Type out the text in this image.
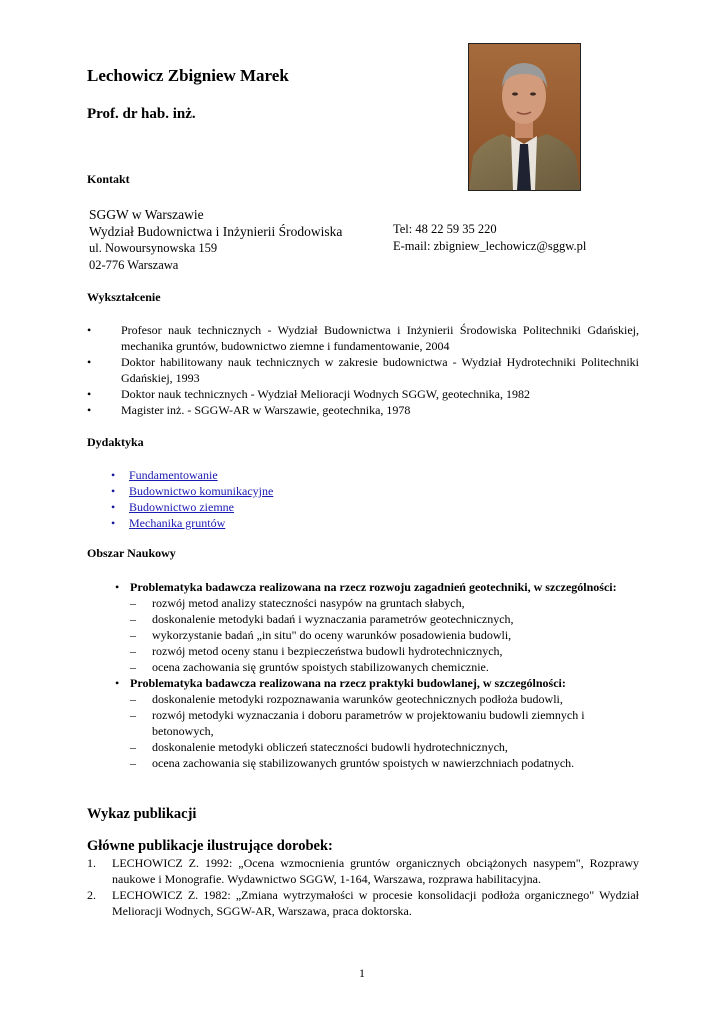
Lechowicz Zbigniew Marek
Prof. dr hab. inż.
Kontakt
SGGW w Warszawie
Wydział Budownictwa i Inżynierii Środowiska
ul. Nowoursynowska 159
02-776 Warszawa
Tel: 48 22 59 35 220
E-mail: zbigniew_lechowicz@sggw.pl
Wykształcenie
• Profesor nauk technicznych - Wydział Budownictwa i Inżynierii Środowiska Politechniki Gdańskiej, mechanika gruntów, budownictwo ziemne i fundamentowanie, 2004
• Doktor habilitowany nauk technicznych w zakresie budownictwa - Wydział Hydrotechniki Politechniki Gdańskiej, 1993
• Doktor nauk technicznych - Wydział Melioracji Wodnych SGGW, geotechnika, 1982
• Magister inż. - SGGW-AR w Warszawie, geotechnika, 1978
Dydaktyka
• Fundamentowanie
• Budownictwo komunikacyjne
• Budownictwo ziemne
• Mechanika gruntów
Obszar Naukowy
• Problematyka badawcza realizowana na rzecz rozwoju zagadnień geotechniki, w szczególności:
– rozwój metod analizy stateczności nasypów na gruntach słabych,
– doskonalenie metodyki badań i wyznaczania parametrów geotechnicznych,
– wykorzystanie badań „in situ" do oceny warunków posadowienia budowli,
– rozwój metod oceny stanu i bezpieczeństwa budowli hydrotechnicznych,
– ocena zachowania się gruntów spoistych stabilizowanych chemicznie.
• Problematyka badawcza realizowana na rzecz praktyki budowlanej, w szczególności:
– doskonalenie metodyki rozpoznawania warunków geotechnicznych podłoża budowli,
– rozwój metodyki wyznaczania i doboru parametrów w projektowaniu budowli ziemnych i betonowych,
– doskonalenie metodyki obliczeń stateczności budowli hydrotechnicznych,
– ocena zachowania się stabilizowanych gruntów spoistych w nawierzchniach podatnych.
Wykaz publikacji
Główne publikacje ilustrujące dorobek:
1. LECHOWICZ Z. 1992: „Ocena wzmocnienia gruntów organicznych obciążonych nasypem", Rozprawy naukowe i Monografie. Wydawnictwo SGGW, 1-164, Warszawa, rozprawa habilitacyjna.
2. LECHOWICZ Z. 1982: „Zmiana wytrzymałości w procesie konsolidacji podłoża organicznego" Wydział Melioracji Wodnych, SGGW-AR, Warszawa, praca doktorska.
1
